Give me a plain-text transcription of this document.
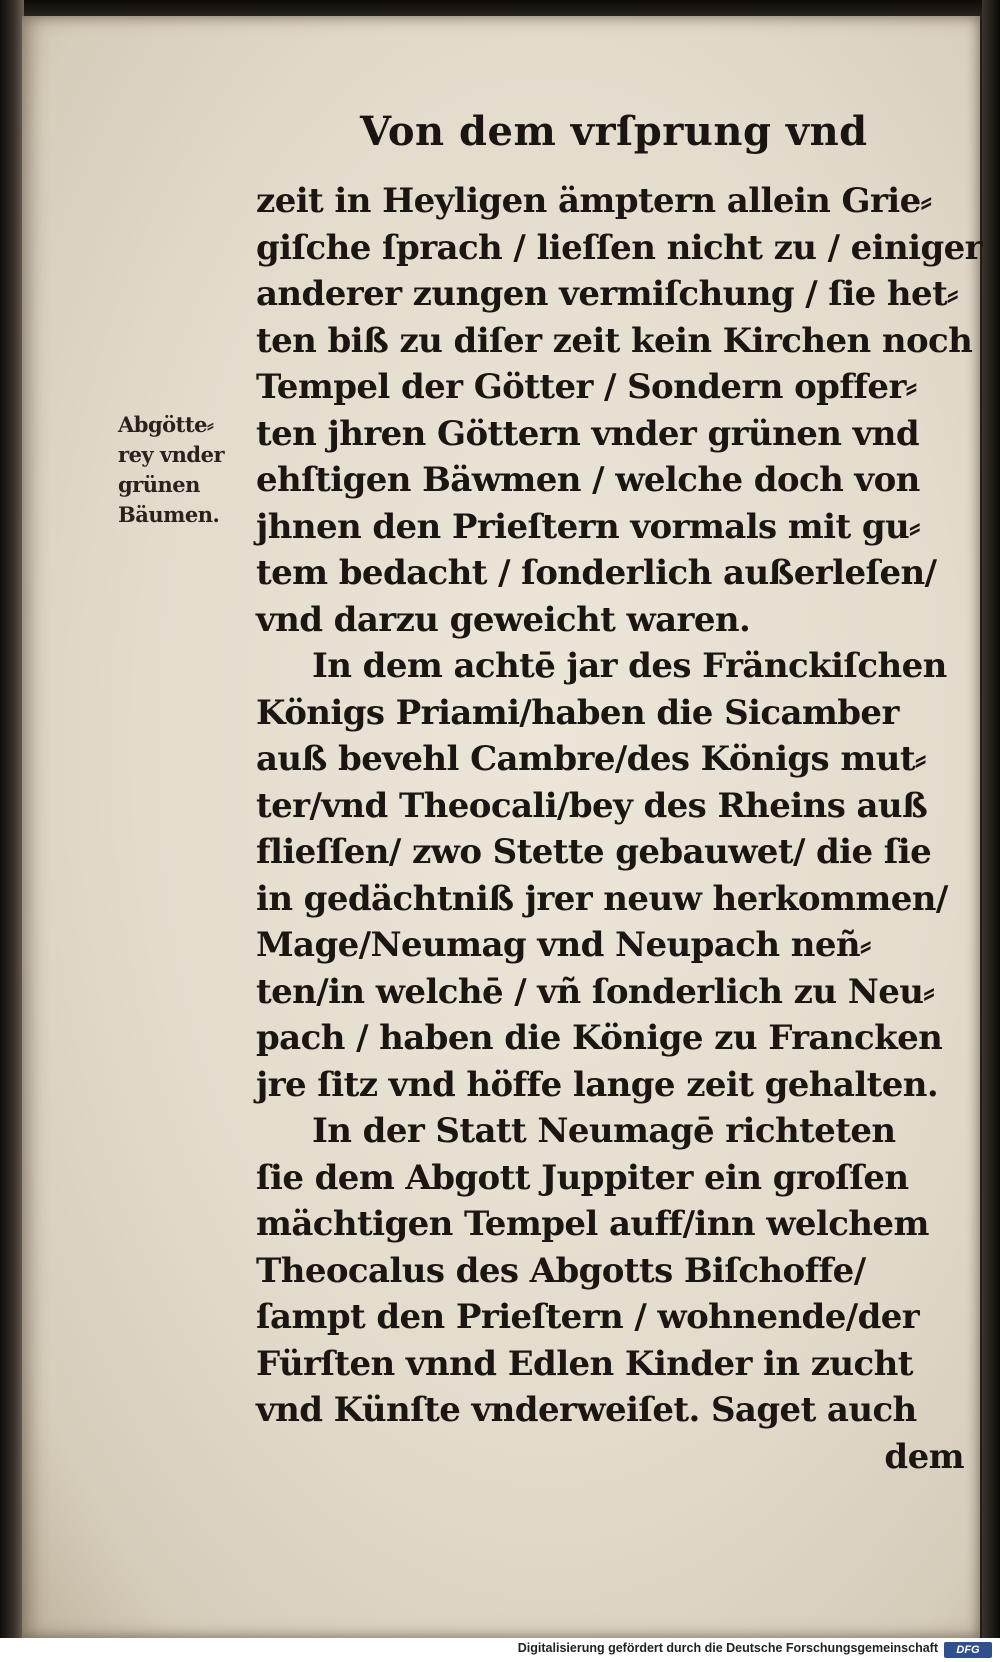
Von dem vrſprung vnd
Abgötte⸗
rey vnder
grünen
Bäumen.
zeit in Heyligen ämptern allein Grie⸗
giſche ſprach / lieſſen nicht zu / einiger
anderer zungen vermiſchung / ſie het⸗
ten biß zu diſer zeit kein Kirchen noch
Tempel der Götter / Sondern opffer⸗
ten jhren Göttern vnder grünen vnd
ehſtigen Bäwmen / welche doch von
jhnen den Prieſtern vormals mit gu⸗
tem bedacht / ſonderlich außerleſen/
vnd darzu geweicht waren.
In dem achtē jar des Fränckiſchen
Königs Priami/haben die Sicamber
auß bevehl Cambre/des Königs mut⸗
ter/vnd Theocali/bey des Rheins auß
flieſſen/ zwo Stette gebauwet/ die ſie
in gedächtniß jrer neuw herkommen/
Mage/Neumag vnd Neupach neñ⸗
ten/in welchē / vñ ſonderlich zu Neu⸗
pach / haben die Könige zu Francken
jre ſitz vnd höffe lange zeit gehalten.
In der Statt Neumagē richteten
ſie dem Abgott Juppiter ein groſſen
mächtigen Tempel auff/inn welchem
Theocalus des Abgotts Biſchoffe/
ſampt den Prieſtern / wohnende/der
Fürſten vnnd Edlen Kinder in zucht
vnd Künſte vnderweiſet. Saget auch
dem
Digitalisierung gefördert durch die Deutsche Forschungsgemeinschaft	DFG
